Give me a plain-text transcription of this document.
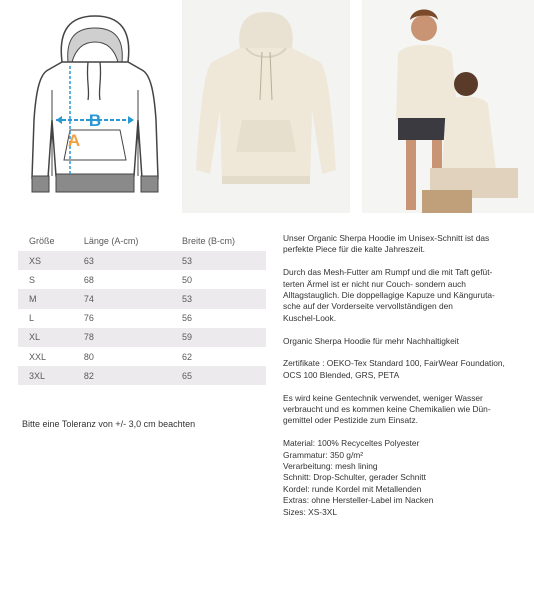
B
A
Größe	Länge (A-cm)	Breite (B-cm)
XS	63	53
S	68	50
M	74	53
L	76	56
XL	78	59
XXL	80	62
3XL	82	65
Bitte eine Toleranz von +/- 3,0 cm beachten

Unser Organic Sherpa Hoodie im Unisex-Schnitt ist das
perfekte Piece für die kalte Jahreszeit.

Durch das Mesh-Futter am Rumpf und die mit Taft gefüt-
terten Ärmel ist er nicht nur Couch- sondern auch
Alltagstauglich. Die doppellagige Kapuze und Känguruta-
sche auf der Vorderseite vervollständigen den
Kuschel-Look.

Organic Sherpa Hoodie für mehr Nachhaltigkeit

Zertifikate : OEKO-Tex Standard 100, FairWear Foundation,
OCS 100 Blended, GRS, PETA

Es wird keine Gentechnik verwendet, weniger Wasser
verbraucht und es kommen keine Chemikalien wie Dün-
gemittel oder Pestizide zum Einsatz.

Material: 100% Recyceltes Polyester

Grammatur: 350 g/m²

Verarbeitung: mesh lining

Schnitt: Drop-Schulter, gerader Schnitt

Kordel: runde Kordel mit Metallenden

Extras: ohne Hersteller-Label im Nacken

Sizes: XS-3XL
